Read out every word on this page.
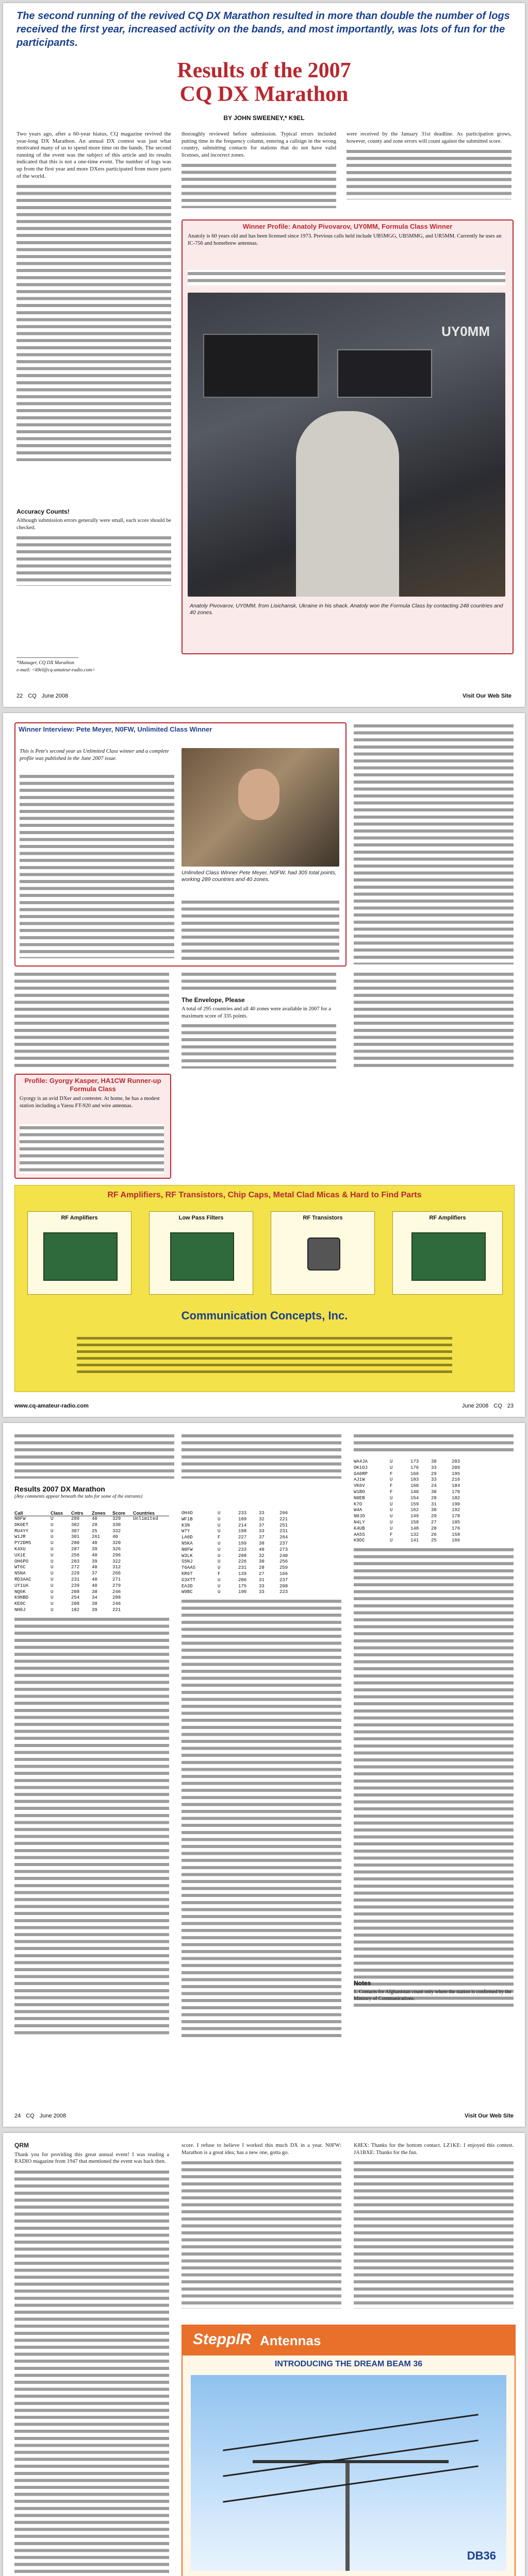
The second running of the revived CQ DX Marathon resulted in more than double the number of logs received the first year, increased activity on the bands, and most importantly, was lots of fun for the participants.
Results of the 2007
CQ DX Marathon
BY JOHN SWEENEY,* K9EL

Two years ago, after a 60-year hiatus, CQ magazine revived the year-long DX Marathon. An annual DX contest was just what motivated many of us to spend more time on the bands. The second running of the event was the subject of this article and its results indicated that this is not a one-time event. The number of logs was up from the first year and more DXers participated from more parts of the world.

Accuracy Counts!

Although submission errors generally were small, each score should be checked.

*Manager, CQ DX Marathon
e-mail: <k9el@cq-amateur-radio.com>

thoroughly reviewed before submission. Typical errors included putting time in the frequency column, entering a callsign in the wrong country, submitting contacts for stations that do not have valid licenses, and incorrect zones.

were received by the January 31st deadline. As participation grows, however, county and zone errors will count against the submitted score.

Winner Profile: Anatoly Pivovarov, UY0MM, Formula Class Winner
Anatoly is 60 years old and has been licensed since 1973. Previous calls held include UB5MGG, UB5MMG, and UR5MM. Currently he uses an IC-756 and homebrew antennas.
UY0MM
Anatoly Pivovarov, UY0MM, from Lisichansk, Ukraine in his shack. Anatoly won the Formula Class by contacting 248 countries and 40 zones.
22 CQ June 2008	Visit Our Web Site
Winner Interview: Pete Meyer, N0FW, Unlimited Class Winner
This is Pete's second year as Unlimited Class winner and a complete profile was published in the June 2007 issue.
Unlimited Class Winner Pete Meyer, N0FW, had 305 total points, working 289 countries and 40 zones.
The Envelope, Please
A total of 295 countries and all 40 zones were available in 2007 for a maximum score of 335 points.
Profile: Gyorgy Kasper, HA1CW Runner-up Formula Class
Gyorgy is an avid DXer and contester. At home, he has a modest station including a Yaesu FT-920 and wire antennas.
RF Amplifiers, RF Transistors, Chip Caps, Metal Clad Micas & Hard to Find Parts
RF Amplifiers	Low Pass Filters	RF Transistors	RF Amplifiers
Communication Concepts, Inc.
www.cq-amateur-radio.com	June 2008 CQ 23
Results 2007 DX Marathon
(Any comments appear beneath the tabs for some of the entrants)
Call	Class	Cntrs	Zones	Score	Countries
N0FW	U	289	40	329	Unlimited
DK0ET	U	302	28	330
RU4YY	U	307	25	332
W1JR	U	301	261	40
PY2DMS	U	280	40	320
K4XU	U	287	39	326
UX1E	U	256	40	296
OH6PO	U	283	39	322
WT6C	U	272	40	312
N5NA	U	229	37	266
RD3AAC	U	231	40	271
UY1UA	U	239	40	279
NQ6K	U	208	38	246
K9NBD	U	254	34	288
KE0C	U	208	38	246
NH0J	U	182	39	221
OH4O	U	233	33	266
WF1B	U	189	32	221
K3N	U	214	37	251
W7Y	U	198	33	231
LA0D	F	227	37	264
N5KA	U	199	38	237
N0FW	U	233	40	273
W3LK	U	208	32	240
S5NJ	U	226	30	256
T6AAS	U	231	28	259
KR6T	F	139	27	166
G3XTT	U	206	31	237
EA3D	U	175	33	208
W9BC	U	190	33	223
WA4JA	U	173	30	203
OK1OJ	U	176	33	209
GA0RP	F	166	29	195
AJ1W	U	183	33	216
VK6V	F	160	24	184
W1BO	F	140	30	170
N0EB	U	154	28	182
K7O	U	159	31	190
W4A	U	162	30	192
N0JO	U	149	29	178
N4LY	U	158	27	185
K4UB	U	148	28	176
AA5S	F	132	26	158
K9DC	U	141	25	166
Notes
1. Contacts for Afghanistan count only where the station is confirmed by the Ministry of Communications.
24 CQ June 2008	Visit Our Web Site
QRM

Thank you for providing this great annual event! I was reading a RADIO magazine from 1947 that mentioned the event was back then.

score. I refuse to believe I worked this much DX in a year. N0FW: Marathon is a great idea; has a new one, gotta go.

K8EX: Thanks for the bottom contact. LZ1KE: I enjoyed this contest. JA1BXE: Thanks for the fun.

SteppIR Antennas
INTRODUCING THE DREAM BEAM 36
DB36
